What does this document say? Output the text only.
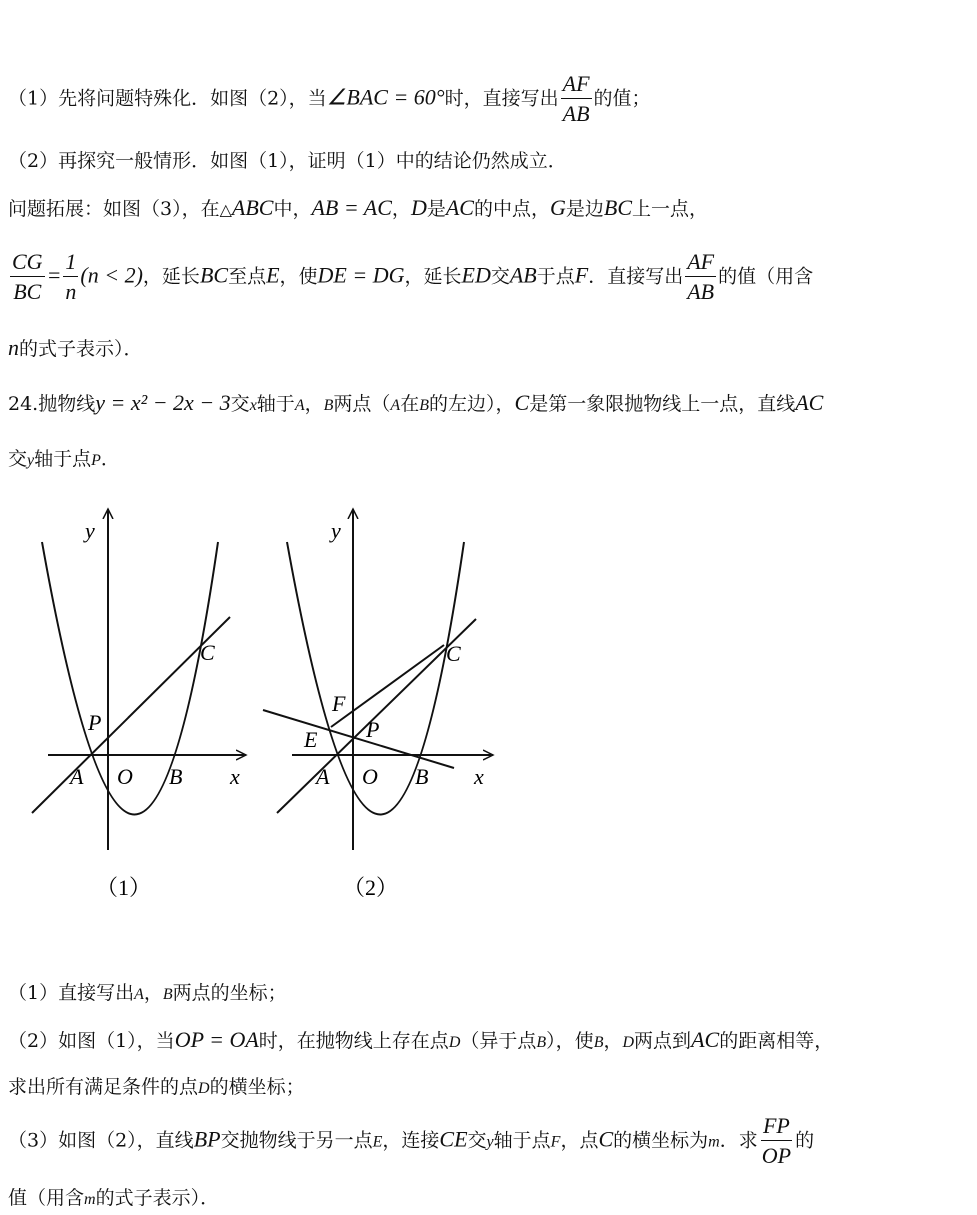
（1）先将问题特殊化．如图（2），当∠BAC = 60°时，直接写出 $\frac{AF}{AB}$ 的值；
（2）再探究一般情形．如图（1），证明（1）中的结论仍然成立．
问题拓展：如图（3），在△ABC中，AB = AC，D是AC的中点，G是边BC上一点，
$\frac{CG}{BC} = \frac{1}{n} (n < 2)$，延长BC至点E，使DE = DG，延长ED交AB于点F．直接写出 $\frac{AF}{AB}$ 的值（用含
n的式子表示）．
24.抛物线y = x² − 2x − 3交x轴于A，B两点（A在B的左边），C是第一象限抛物线上一点，直线AC
交y轴于点P．
y
x
A O B
P
C
（1）
y
x
A O B
P
C
E
F
（2）
（1）直接写出A，B两点的坐标；
（2）如图（1），当OP = OA时，在抛物线上存在点D（异于点B），使B，D两点到AC的距离相等，
求出所有满足条件的点D的横坐标；
（3）如图（2），直线BP交抛物线于另一点E，连接CE交y轴于点F，点C的横坐标为m．求 $\frac{FP}{OP}$ 的
值（用含m的式子表示）．
